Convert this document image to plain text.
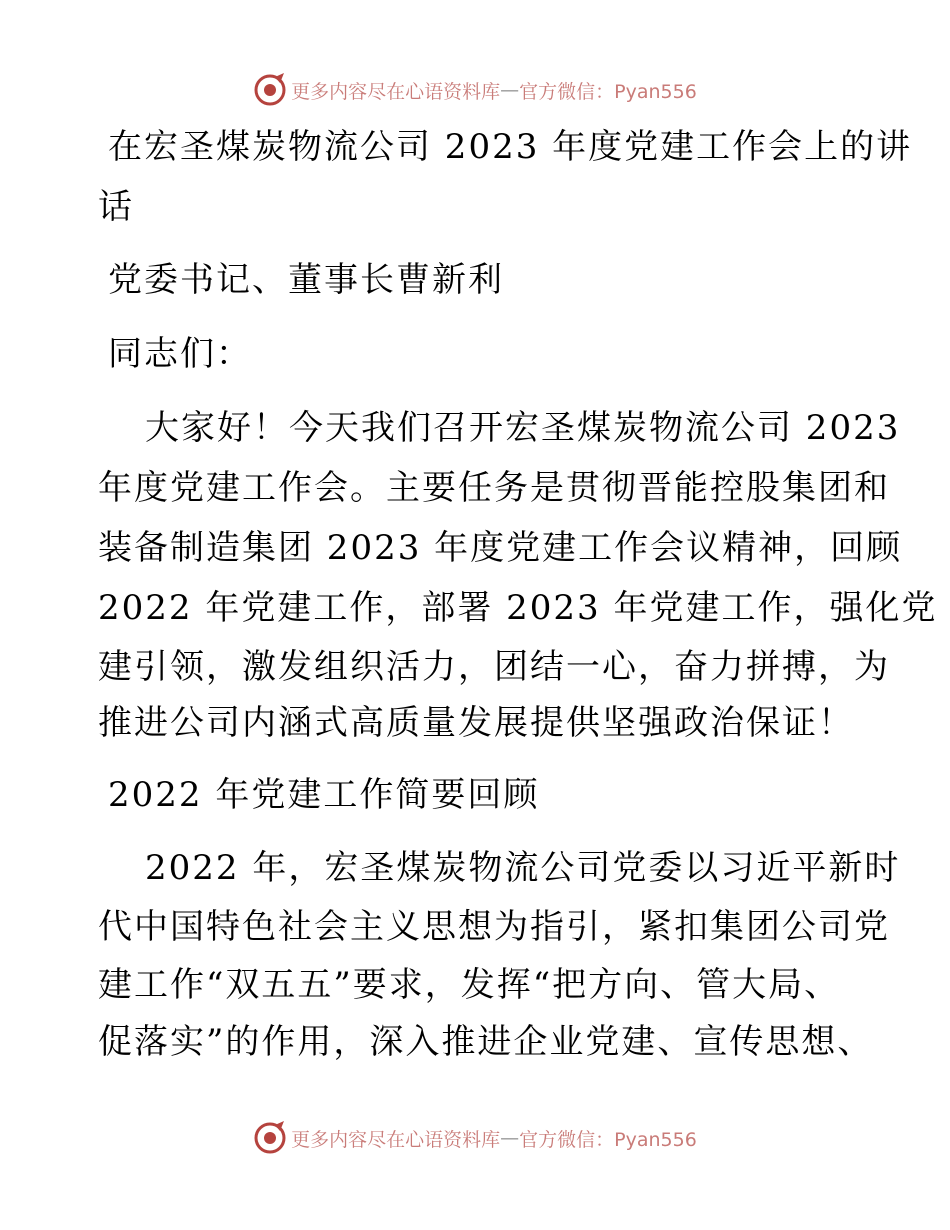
更多内容尽在心语资料库 — 官方微信：Pyan556
在宏圣煤炭物流公司 2023 年度党建工作会上的讲
话
党委书记、董事长曹新利
同志们：
大家好！今天我们召开宏圣煤炭物流公司 2023
年度党建工作会。主要任务是贯彻晋能控股集团和
装备制造集团 2023 年度党建工作会议精神，回顾
2022 年党建工作，部署 2023 年党建工作，强化党
建引领，激发组织活力，团结一心，奋力拼搏，为
推进公司内涵式高质量发展提供坚强政治保证！
2022 年党建工作简要回顾
2022 年，宏圣煤炭物流公司党委以习近平新时
代中国特色社会主义思想为指引，紧扣集团公司党
建工作“双五五”要求，发挥“把方向、管大局、
促落实”的作用，深入推进企业党建、宣传思想、
更多内容尽在心语资料库 — 官方微信：Pyan556
